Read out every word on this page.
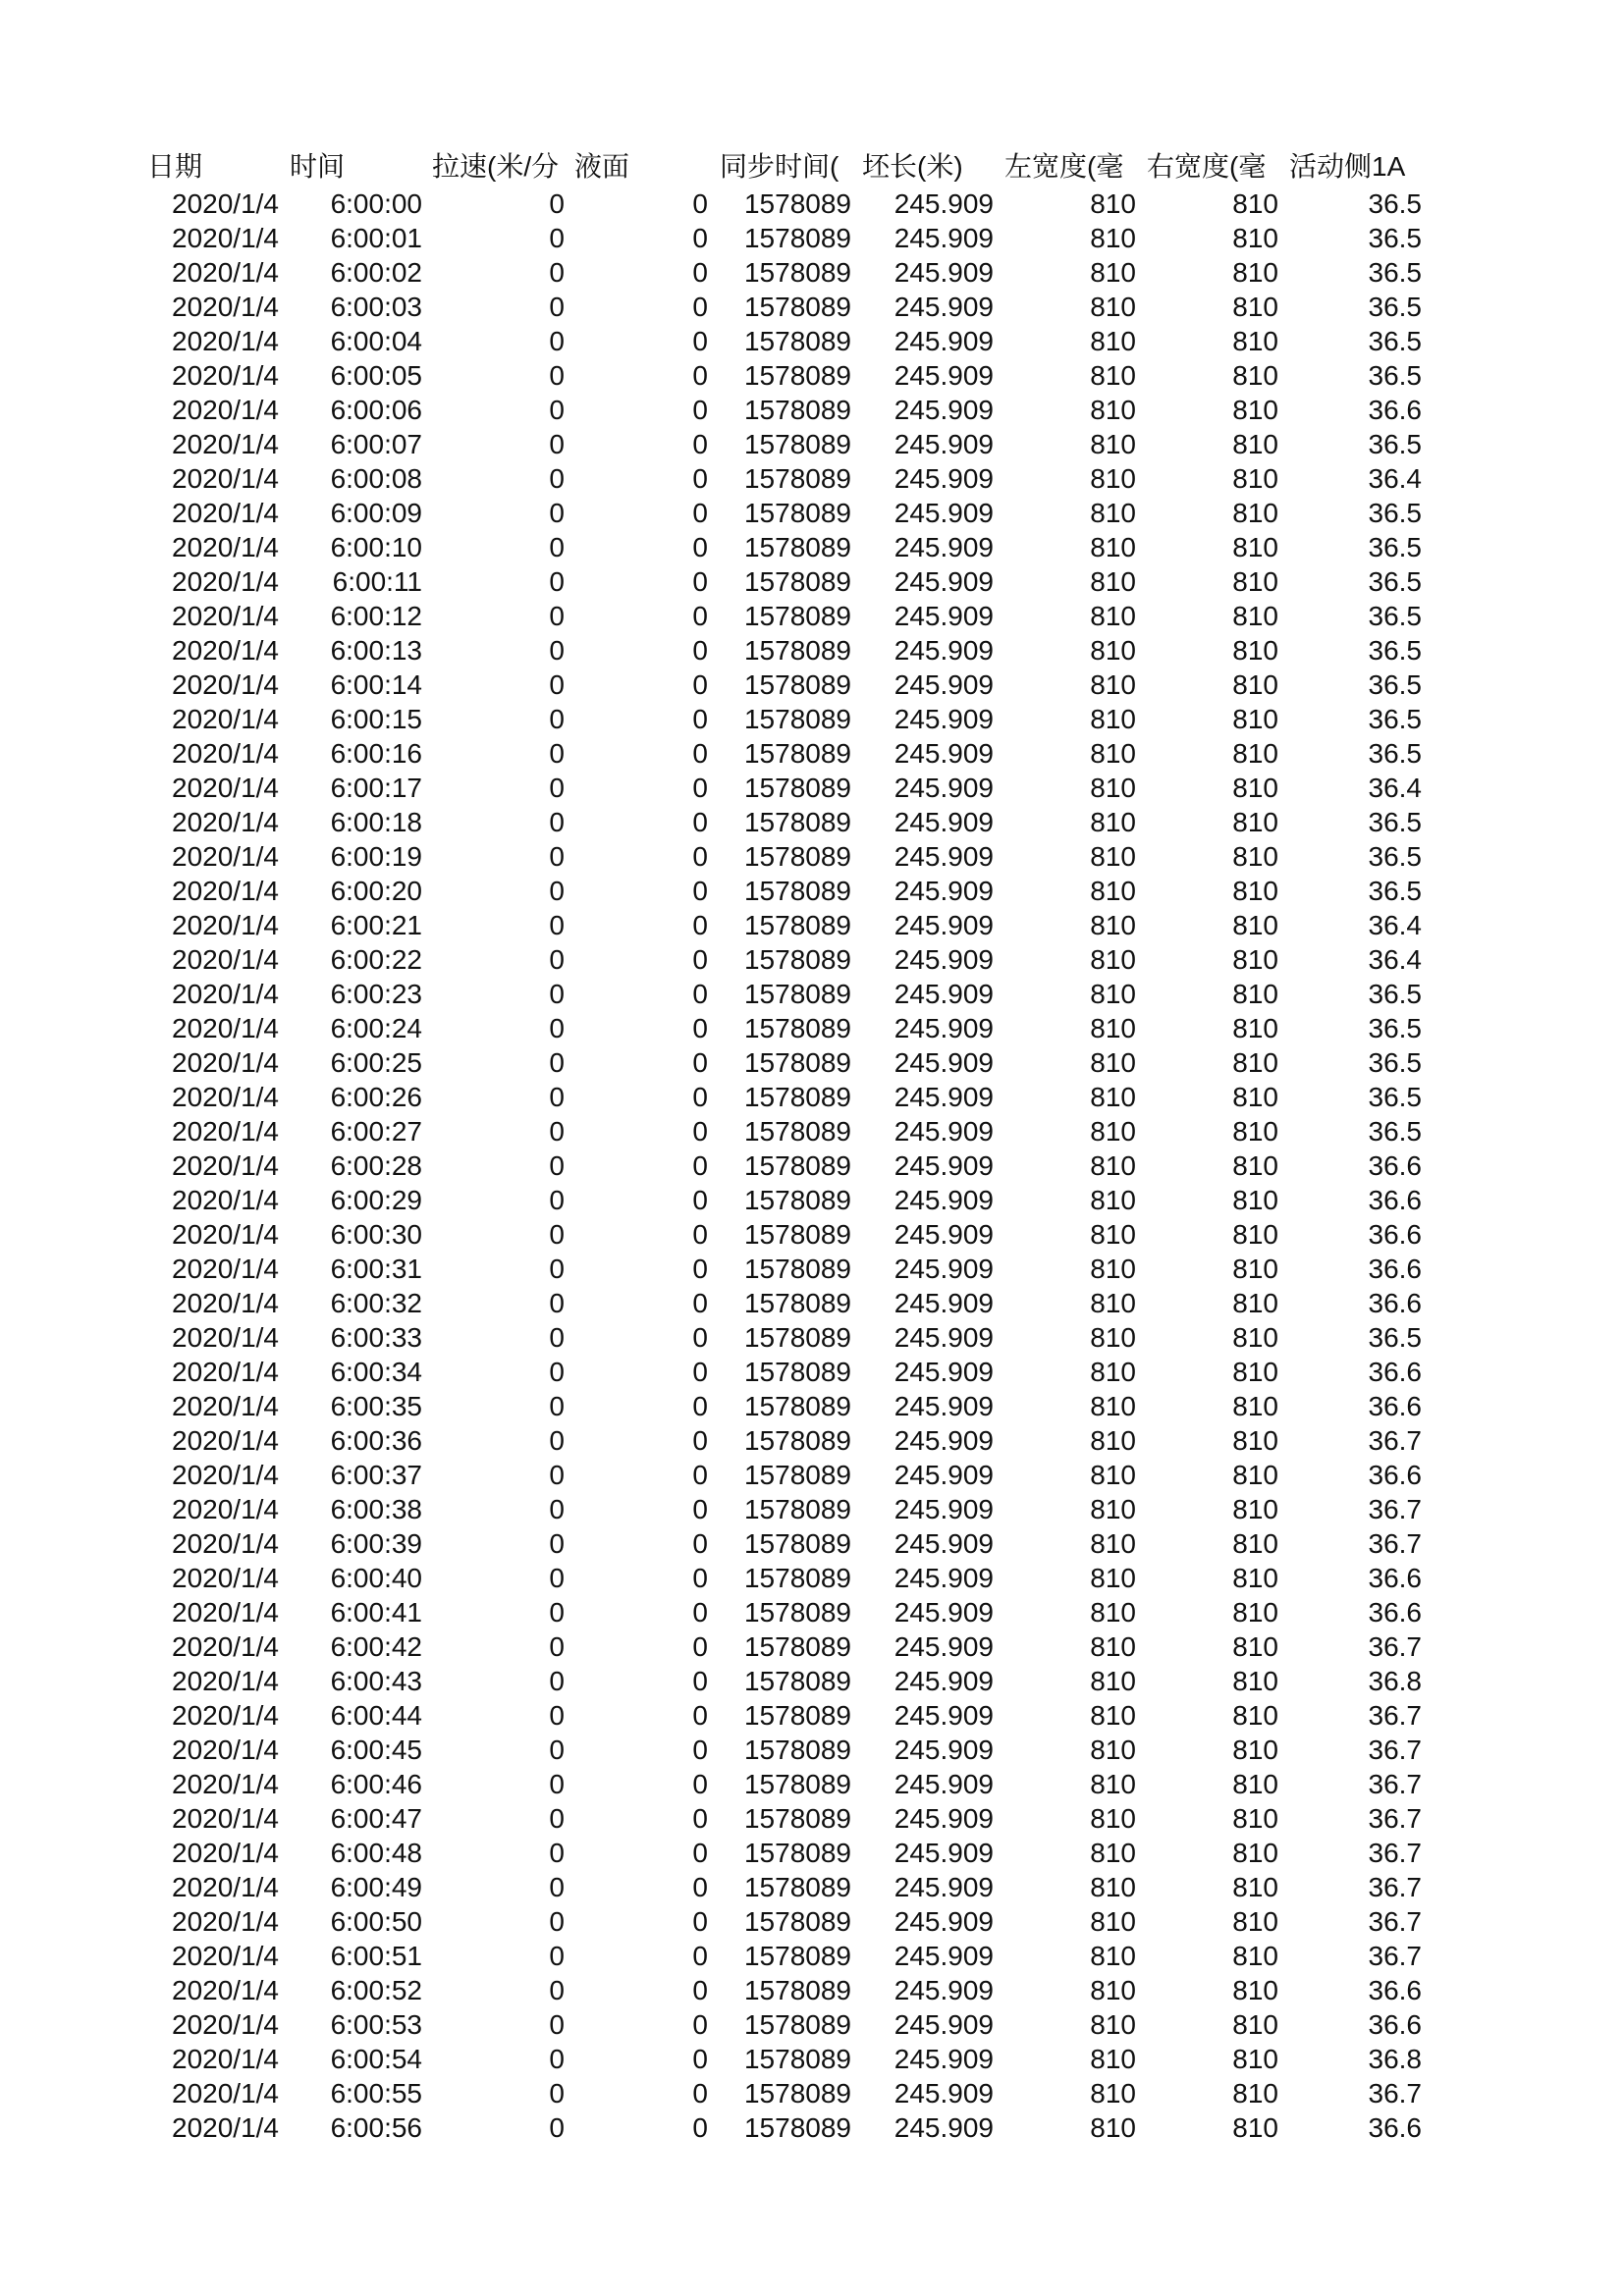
日期	时间	拉速(米/分 液面	同步时间( 坯长(米)	左宽度(毫 右宽度(毫 活动侧1A
2020/1/4	6:00:00	0	0	1578089	245.909	810	810	36.5
2020/1/4	6:00:01	0	0	1578089	245.909	810	810	36.5
2020/1/4	6:00:02	0	0	1578089	245.909	810	810	36.5
2020/1/4	6:00:03	0	0	1578089	245.909	810	810	36.5
2020/1/4	6:00:04	0	0	1578089	245.909	810	810	36.5
2020/1/4	6:00:05	0	0	1578089	245.909	810	810	36.5
2020/1/4	6:00:06	0	0	1578089	245.909	810	810	36.6
2020/1/4	6:00:07	0	0	1578089	245.909	810	810	36.5
2020/1/4	6:00:08	0	0	1578089	245.909	810	810	36.4
2020/1/4	6:00:09	0	0	1578089	245.909	810	810	36.5
2020/1/4	6:00:10	0	0	1578089	245.909	810	810	36.5
2020/1/4	6:00:11	0	0	1578089	245.909	810	810	36.5
2020/1/4	6:00:12	0	0	1578089	245.909	810	810	36.5
2020/1/4	6:00:13	0	0	1578089	245.909	810	810	36.5
2020/1/4	6:00:14	0	0	1578089	245.909	810	810	36.5
2020/1/4	6:00:15	0	0	1578089	245.909	810	810	36.5
2020/1/4	6:00:16	0	0	1578089	245.909	810	810	36.5
2020/1/4	6:00:17	0	0	1578089	245.909	810	810	36.4
2020/1/4	6:00:18	0	0	1578089	245.909	810	810	36.5
2020/1/4	6:00:19	0	0	1578089	245.909	810	810	36.5
2020/1/4	6:00:20	0	0	1578089	245.909	810	810	36.5
2020/1/4	6:00:21	0	0	1578089	245.909	810	810	36.4
2020/1/4	6:00:22	0	0	1578089	245.909	810	810	36.4
2020/1/4	6:00:23	0	0	1578089	245.909	810	810	36.5
2020/1/4	6:00:24	0	0	1578089	245.909	810	810	36.5
2020/1/4	6:00:25	0	0	1578089	245.909	810	810	36.5
2020/1/4	6:00:26	0	0	1578089	245.909	810	810	36.5
2020/1/4	6:00:27	0	0	1578089	245.909	810	810	36.5
2020/1/4	6:00:28	0	0	1578089	245.909	810	810	36.6
2020/1/4	6:00:29	0	0	1578089	245.909	810	810	36.6
2020/1/4	6:00:30	0	0	1578089	245.909	810	810	36.6
2020/1/4	6:00:31	0	0	1578089	245.909	810	810	36.6
2020/1/4	6:00:32	0	0	1578089	245.909	810	810	36.6
2020/1/4	6:00:33	0	0	1578089	245.909	810	810	36.5
2020/1/4	6:00:34	0	0	1578089	245.909	810	810	36.6
2020/1/4	6:00:35	0	0	1578089	245.909	810	810	36.6
2020/1/4	6:00:36	0	0	1578089	245.909	810	810	36.7
2020/1/4	6:00:37	0	0	1578089	245.909	810	810	36.6
2020/1/4	6:00:38	0	0	1578089	245.909	810	810	36.7
2020/1/4	6:00:39	0	0	1578089	245.909	810	810	36.7
2020/1/4	6:00:40	0	0	1578089	245.909	810	810	36.6
2020/1/4	6:00:41	0	0	1578089	245.909	810	810	36.6
2020/1/4	6:00:42	0	0	1578089	245.909	810	810	36.7
2020/1/4	6:00:43	0	0	1578089	245.909	810	810	36.8
2020/1/4	6:00:44	0	0	1578089	245.909	810	810	36.7
2020/1/4	6:00:45	0	0	1578089	245.909	810	810	36.7
2020/1/4	6:00:46	0	0	1578089	245.909	810	810	36.7
2020/1/4	6:00:47	0	0	1578089	245.909	810	810	36.7
2020/1/4	6:00:48	0	0	1578089	245.909	810	810	36.7
2020/1/4	6:00:49	0	0	1578089	245.909	810	810	36.7
2020/1/4	6:00:50	0	0	1578089	245.909	810	810	36.7
2020/1/4	6:00:51	0	0	1578089	245.909	810	810	36.7
2020/1/4	6:00:52	0	0	1578089	245.909	810	810	36.6
2020/1/4	6:00:53	0	0	1578089	245.909	810	810	36.6
2020/1/4	6:00:54	0	0	1578089	245.909	810	810	36.8
2020/1/4	6:00:55	0	0	1578089	245.909	810	810	36.7
2020/1/4	6:00:56	0	0	1578089	245.909	810	810	36.6
